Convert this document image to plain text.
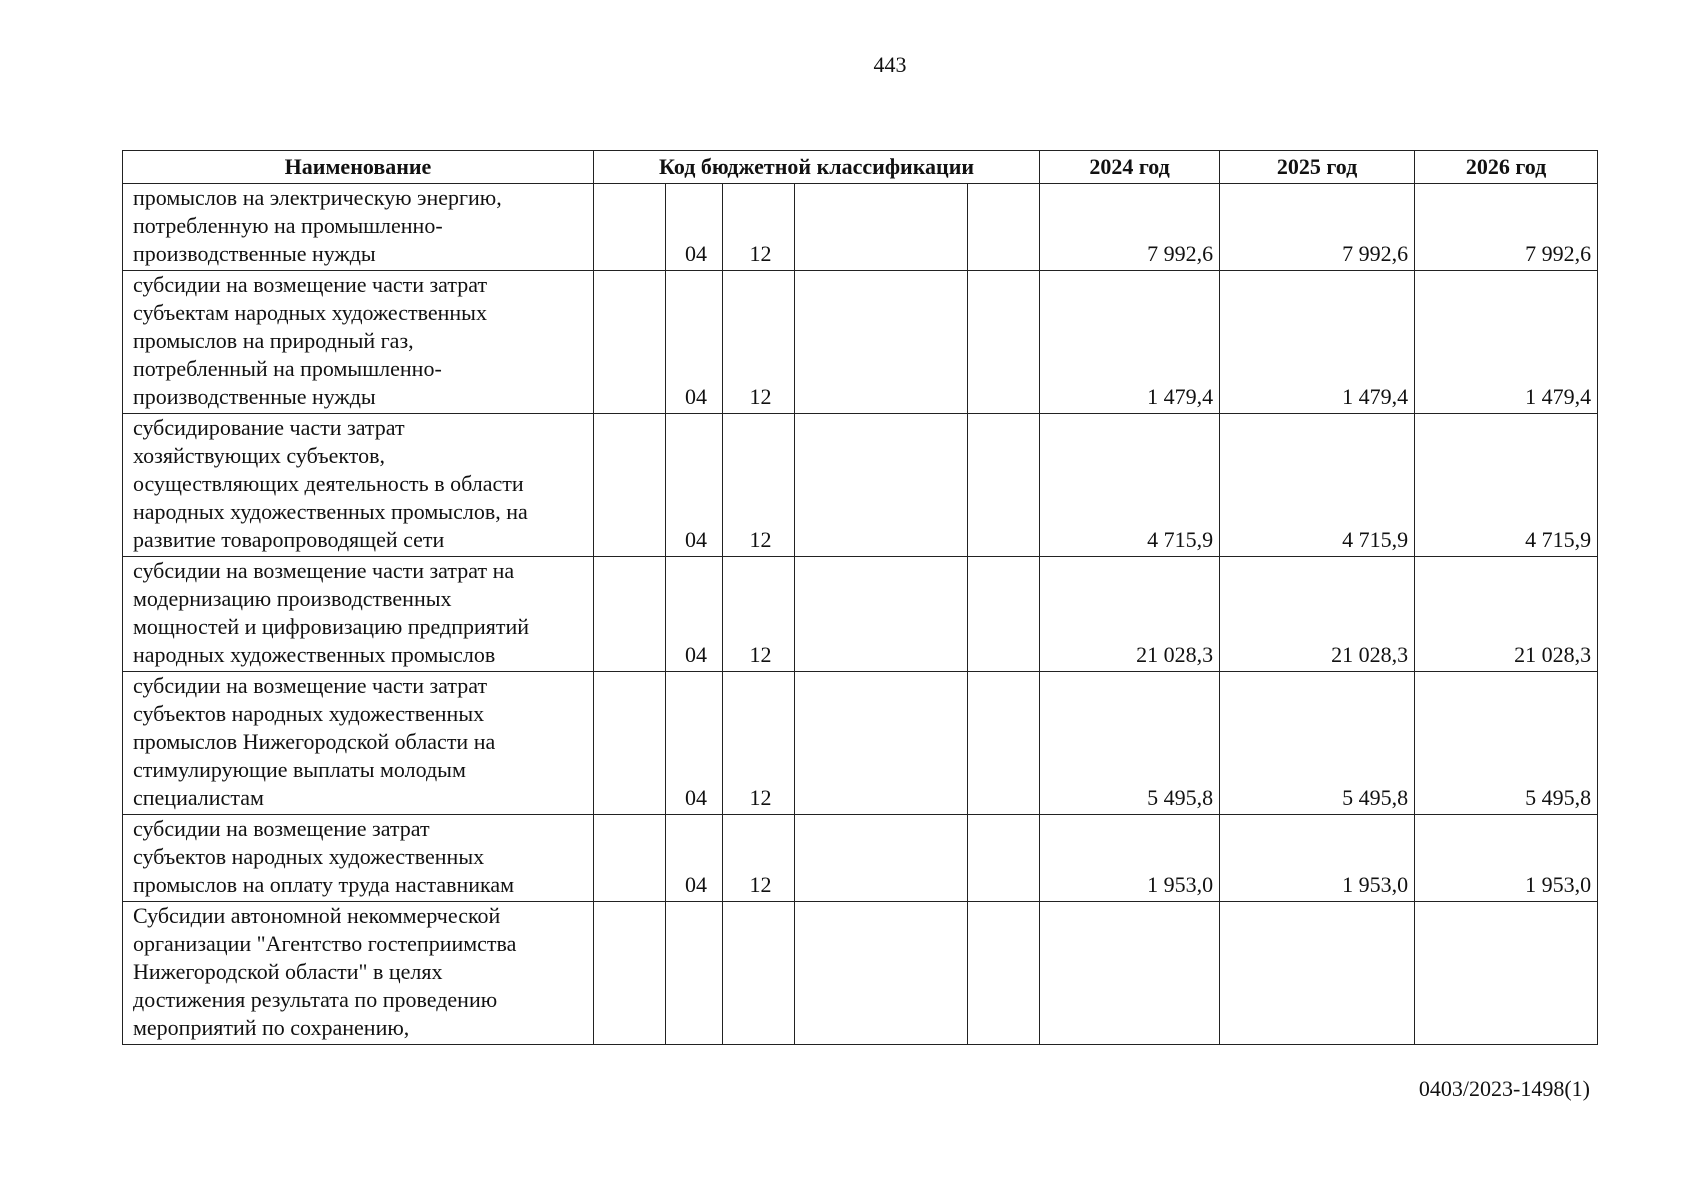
443
Наименование	Код бюджетной классификации					2024 год	2025 год	2026 год
промыслов на электрическую энергию,
потребленную на промышленно-
производственные нужды		04	12			7 992,6	7 992,6	7 992,6
субсидии на возмещение части затрат
субъектам народных художественных
промыслов на природный газ,
потребленный на промышленно-
производственные нужды		04	12			1 479,4	1 479,4	1 479,4
субсидирование части затрат
хозяйствующих субъектов,
осуществляющих деятельность в области
народных художественных промыслов, на
развитие товаропроводящей сети		04	12			4 715,9	4 715,9	4 715,9
субсидии на возмещение части затрат на
модернизацию производственных
мощностей и цифровизацию предприятий
народных художественных промыслов		04	12			21 028,3	21 028,3	21 028,3
субсидии на возмещение части затрат
субъектов народных художественных
промыслов Нижегородской области на
стимулирующие выплаты молодым
специалистам		04	12			5 495,8	5 495,8	5 495,8
субсидии на возмещение затрат
субъектов народных художественных
промыслов на оплату труда наставникам		04	12			1 953,0	1 953,0	1 953,0
Субсидии автономной некоммерческой
организации "Агентство гостеприимства
Нижегородской области" в целях
достижения результата по проведению
мероприятий по сохранению,								
0403/2023-1498(1)
